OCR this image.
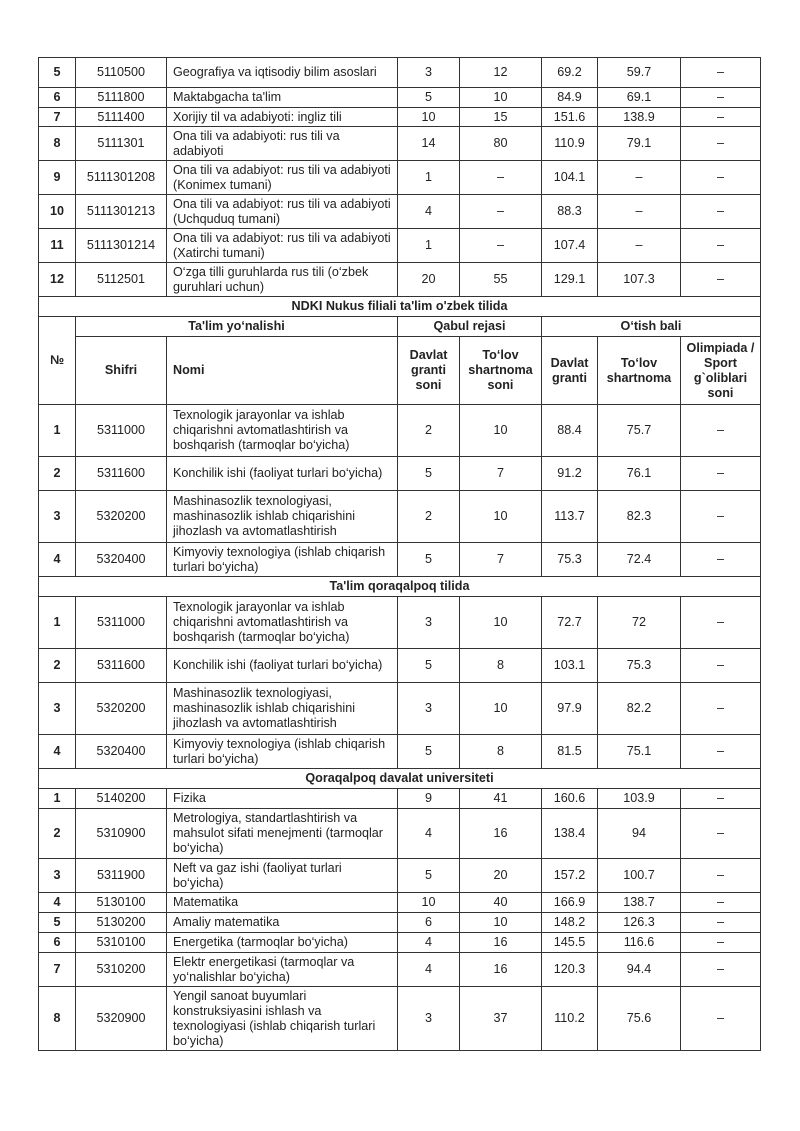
5	5110500	Geografiya va iqtisodiy bilim asoslari	3	12	69.2	59.7	–
6	5111800	Maktabgacha ta'lim	5	10	84.9	69.1	–
7	5111400	Xorijiy til va adabiyoti: ingliz tili	10	15	151.6	138.9	–
8	5111301	Ona tili va adabiyoti: rus tili va adabiyoti	14	80	110.9	79.1	–
9	5111301208	Ona tili va adabiyot: rus tili va adabiyoti (Konimex tumani)	1	–	104.1	–	–
10	5111301213	Ona tili va adabiyot: rus tili va adabiyoti (Uchquduq tumani)	4	–	88.3	–	–
11	5111301214	Ona tili va adabiyot: rus tili va adabiyoti (Xatirchi tumani)	1	–	107.4	–	–
12	5112501	O‘zga tilli guruhlarda rus tili (o‘zbek guruhlari uchun)	20	55	129.1	107.3	–
NDKI Nukus filiali ta'lim o'zbek tilida							
№	Ta'lim yo‘nalishi		Qabul rejasi		O‘tish bali		
	Shifri	Nomi	Davlat granti soni	To‘lov shartnoma soni	Davlat granti	To‘lov shartnoma	Olimpiada / Sport g`oliblari soni
1	5311000	Texnologik jarayonlar va ishlab chiqarishni avtomatlashtirish va boshqarish (tarmoqlar bo‘yicha)	2	10	88.4	75.7	–
2	5311600	Konchilik ishi (faoliyat turlari bo‘yicha)	5	7	91.2	76.1	–
3	5320200	Mashinasozlik texnologiyasi, mashinasozlik ishlab chiqarishini jihozlash va avtomatlashtirish	2	10	113.7	82.3	–
4	5320400	Kimyoviy texnologiya (ishlab chiqarish turlari bo‘yicha)	5	7	75.3	72.4	–
Ta'lim qoraqalpoq tilida							
1	5311000	Texnologik jarayonlar va ishlab chiqarishni avtomatlashtirish va boshqarish (tarmoqlar bo‘yicha)	3	10	72.7	72	–
2	5311600	Konchilik ishi (faoliyat turlari bo‘yicha)	5	8	103.1	75.3	–
3	5320200	Mashinasozlik texnologiyasi, mashinasozlik ishlab chiqarishini jihozlash va avtomatlashtirish	3	10	97.9	82.2	–
4	5320400	Kimyoviy texnologiya (ishlab chiqarish turlari bo‘yicha)	5	8	81.5	75.1	–
Qoraqalpoq davalat universiteti							
1	5140200	Fizika	9	41	160.6	103.9	–
2	5310900	Metrologiya, standartlashtirish va mahsulot sifati menejmenti (tarmoqlar bo‘yicha)	4	16	138.4	94	–
3	5311900	Neft va gaz ishi (faoliyat turlari bo‘yicha)	5	20	157.2	100.7	–
4	5130100	Matematika	10	40	166.9	138.7	–
5	5130200	Amaliy matematika	6	10	148.2	126.3	–
6	5310100	Energetika (tarmoqlar bo‘yicha)	4	16	145.5	116.6	–
7	5310200	Elektr energetikasi (tarmoqlar va yo‘nalishlar bo‘yicha)	4	16	120.3	94.4	–
8	5320900	Yengil sanoat buyumlari konstruksiyasini ishlash va texnologiyasi (ishlab chiqarish turlari bo‘yicha)	3	37	110.2	75.6	–
